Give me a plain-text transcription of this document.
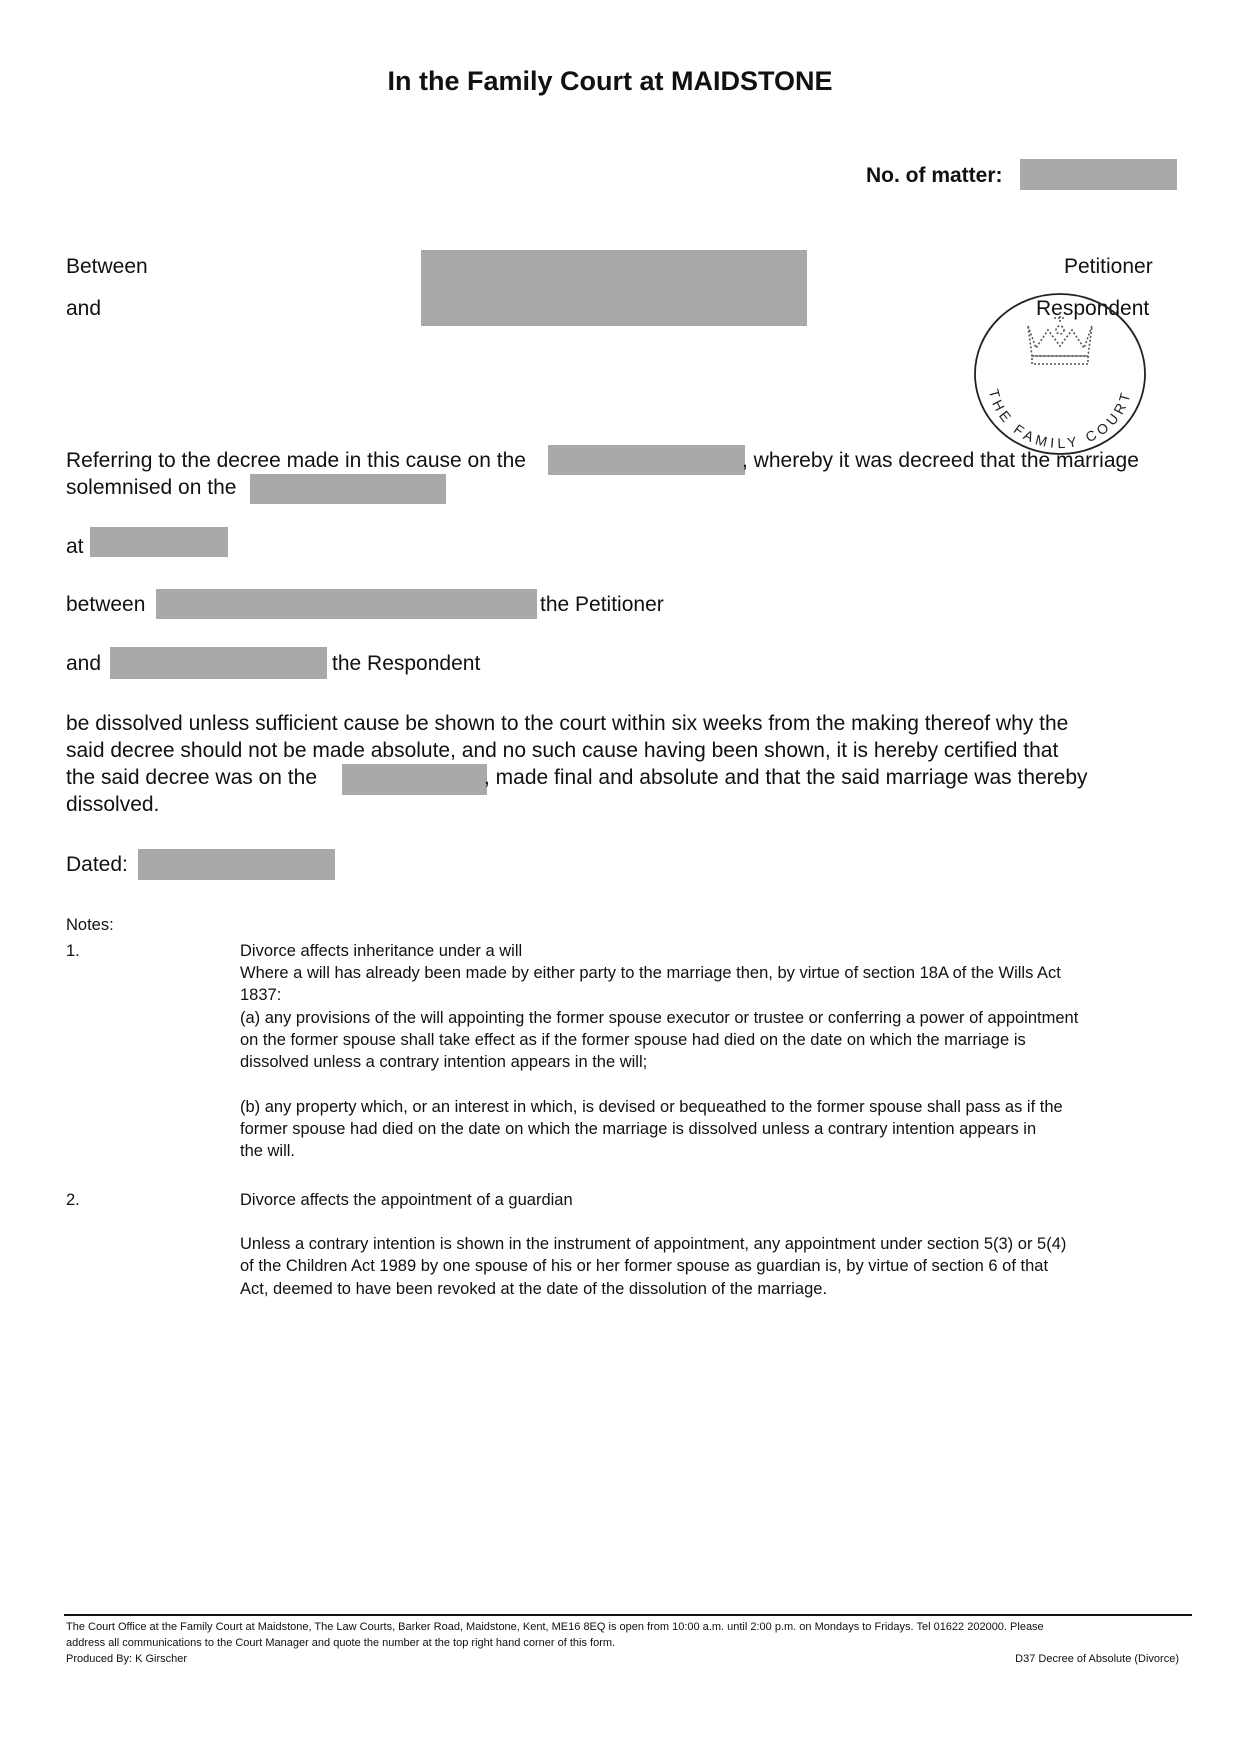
In the Family Court at MAIDSTONE
No. of matter:
Between
and
Petitioner
Respondent
THE FAMILY COURT
Referring to the decree made in this cause on the	, whereby it was decreed that the marriage
solemnised on the
at
between	the Petitioner
and	the Respondent
be dissolved unless sufficient cause be shown to the court within six weeks from the making thereof why the
said decree should not be made absolute, and no such cause having been shown, it is hereby certified that
the said decree was on the	, made final and absolute and that the said marriage was thereby
dissolved.
Dated:
Notes:
1.	Divorce affects inheritance under a will
Where a will has already been made by either party to the marriage then, by virtue of section 18A of the Wills Act
1837:
(a) any provisions of the will appointing the former spouse executor or trustee or conferring a power of appointment
on the former spouse shall take effect as if the former spouse had died on the date on which the marriage is
dissolved unless a contrary intention appears in the will;
(b) any property which, or an interest in which, is devised or bequeathed to the former spouse shall pass as if the
former spouse had died on the date on which the marriage is dissolved unless a contrary intention appears in
the will.
2.	Divorce affects the appointment of a guardian
Unless a contrary intention is shown in the instrument of appointment, any appointment under section 5(3) or 5(4)
of the Children Act 1989 by one spouse of his or her former spouse as guardian is, by virtue of section 6 of that
Act, deemed to have been revoked at the date of the dissolution of the marriage.
The Court Office at the Family Court at Maidstone, The Law Courts, Barker Road, Maidstone, Kent, ME16 8EQ is open from 10:00 a.m. until 2:00 p.m. on Mondays to Fridays. Tel 01622 202000. Please
address all communications to the Court Manager and quote the number at the top right hand corner of this form.
Produced By: K Girscher	D37 Decree of Absolute (Divorce)
